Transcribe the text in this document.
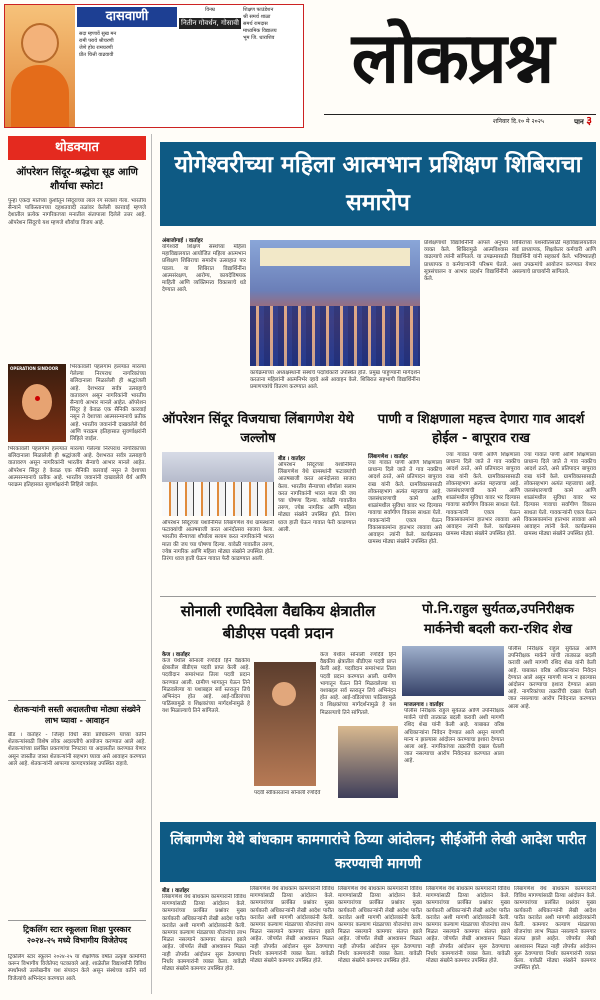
दासवाणी
सदा म्हणावें सुख मन
रामी परावे श्रीचरणी
जेणे होय रामचरणी
प्रीत चित्ती वाढवावी
विनम्र
नितीन गोवर्धन, गोसावी
शिक्षण फाउंडेशन
श्री समर्थ शाळा
समर्थ रामदास
माध्यमिक विद्यालय
भूम जि. धाराशिव	लोकप्रश्न
शनिवार दि.१० मे २०२५	पान ३
थोडक्यात
ऑपरेशन सिंदूर-श्रद्धेचा सूड आणि शौर्याचा स्फोट!
पुन्हा एकदा मातेच्या कुशीतून सिंदूराच्या लाल रंग सजला गेला. भारतीय सैन्याने पाकिस्तानच्या दहशतवादी तळांवर केलेली कारवाई म्हणजे देशातील प्रत्येक नागरिकाच्या मनातील संतापाला दिलेले उत्तर आहे. ऑपरेशन सिंदूरचे यश म्हणजे शौर्याचा विजय आहे.
OPERATION SINDOOR भिरकावली पहलगाम हल्ल्यात मारल्या गेलेल्या निरपराध नागरिकांच्या बलिदानाला मिळालेली ही श्रद्धांजली आहे. देशभरात सर्वत्र उत्साहाचे वातावरण असून नागरिकांनी भारतीय सैन्याचे आभार मानले आहेत. ऑपरेशन सिंदूर हे केवळ एक सैनिकी कारवाई नसून ते देशाच्या आत्मसन्मानाचे प्रतीक आहे. भारतीय जवानांनी दाखवलेले धैर्य आणि पराक्रम इतिहासात सुवर्णाक्षरांनी लिहिले जाईल.
भिरकावली पहलगाम हल्ल्यात मारल्या गेलेल्या निरपराध नागरिकांच्या बलिदानाला मिळालेली ही श्रद्धांजली आहे. देशभरात सर्वत्र उत्साहाचे वातावरण असून नागरिकांनी भारतीय सैन्याचे आभार मानले आहेत. ऑपरेशन सिंदूर हे केवळ एक सैनिकी कारवाई नसून ते देशाच्या आत्मसन्मानाचे प्रतीक आहे. भारतीय जवानांनी दाखवलेले धैर्य आणि पराक्रम इतिहासात सुवर्णाक्षरांनी लिहिले जाईल.
शेतकऱ्यांनी सस्ती अदालतीचा मोठ्या संख्येने लाभ घ्यावा - आवाहन
बीड । वार्ताहर - जिल्हा विधी सेवा प्राधिकरण यांच्या वतीने शेतकऱ्यांसाठी विशेष लोक अदालतीचे आयोजन करण्यात आले आहे. शेतकऱ्यांच्या प्रलंबित प्रकरणांचा निपटारा या अदालतीत करण्यात येणार असून जास्तीत जास्त शेतकऱ्यांनी सहभाग घ्यावा असे आवाहन करण्यात आले आहे. शेतकऱ्यांनी आपल्या कागदपत्रांसह उपस्थित राहावे.
ट्रिकलिंग स्टार स्कूलला शिक्षा पुरस्कार २०२४-२५ मध्ये विभागीय विजेतेपद
ट्रिकलिंग स्टार स्कूलने २०२४-२५ या शैक्षणिक वर्षात उत्कृष्ट कामगिरी करून विभागीय विजेतेपद पटकावले आहे. शाळेतील विद्यार्थ्यांनी विविध स्पर्धांमध्ये उल्लेखनीय यश संपादन केले असून संस्थेच्या वतीने सर्व विजेत्यांचे अभिनंदन करण्यात आले.
योगेश्वरीच्या महिला आत्मभान प्रशिक्षण शिबिराचा समारोप
अंबाजोगाई । वार्ताहर
योगेश्वरी शिक्षण संस्थेच्या महिला महाविद्यालयात आयोजित महिला आत्मभान प्रशिक्षण शिबिराचा समारोप उत्साहात पार पडला. या शिबिरात विद्यार्थिनींना आत्मसंरक्षण, आरोग्य, कायदेविषयक माहिती आणि व्यक्तिमत्त्व विकासाचे धडे देण्यात आले.
कार्यक्रमाच्या अध्यक्षस्थानी संस्थेचे पदाधिकारी उपस्थित होते. प्रमुख पाहुण्यांनी मार्गदर्शन करताना महिलांनी आत्मनिर्भर व्हावे असे आवाहन केले. शिबिरात सहभागी विद्यार्थिनींना प्रमाणपत्रांचे वितरण करण्यात आले.
प्रशिक्षणार्थी विद्यार्थिनींनी आपले अनुभव व्यक्त केले. शिबिरामुळे आत्मविश्वास वाढल्याचे त्यांनी सांगितले. या उपक्रमासाठी प्राध्यापक व कर्मचाऱ्यांनी परिश्रम घेतले. सूत्रसंचालन व आभार प्रदर्शन विद्यार्थिनींनी केले.
शिबिराच्या यशस्वीतेसाठी महाविद्यालयातील सर्व प्राध्यापक, शिक्षकेतर कर्मचारी आणि विद्यार्थिनी यांनी सहकार्य केले. भविष्यातही अशा उपक्रमांचे आयोजन करण्यात येणार असल्याचे प्राचार्यांनी सांगितले.
ऑपरेशन सिंदूर विजयाचा लिंबागणेश येथे जल्लोष
बीड । वार्ताहर
ऑपरेशन सिंदूरच्या यशानिमित्त लिंबागणेश येथे ग्रामस्थांनी फटाक्यांची आतषबाजी करत आनंदोत्सव साजरा केला. भारतीय सैन्याच्या शौर्याला सलाम करत नागरिकांनी भारत माता की जय च्या घोषणा दिल्या. यावेळी गावातील तरुण, ज्येष्ठ नागरिक आणि महिला मोठ्या संख्येने उपस्थित होते. तिरंगा ध्वज हाती घेऊन गावात फेरी काढण्यात आली.
ऑपरेशन सिंदूरच्या यशानिमित्त लिंबागणेश येथे ग्रामस्थांनी फटाक्यांची आतषबाजी करत आनंदोत्सव साजरा केला. भारतीय सैन्याच्या शौर्याला सलाम करत नागरिकांनी भारत माता की जय च्या घोषणा दिल्या. यावेळी गावातील तरुण, ज्येष्ठ नागरिक आणि महिला मोठ्या संख्येने उपस्थित होते. तिरंगा ध्वज हाती घेऊन गावात फेरी काढण्यात आली.
पाणी व शिक्षणाला महत्त्व देणारा गाव आदर्श होईल - बापूराव राख
लिंबागणेश । वार्ताहर
ज्या गावात पाणी आणि शिक्षणाला प्राधान्य दिले जाते ते गाव नक्कीच आदर्श ठरते, असे प्रतिपादन बापूराव राख यांनी केले. ग्रामविकासासाठी लोकसहभाग अत्यंत महत्त्वाचा आहे. जलसंधारणाची कामे आणि शाळांमधील सुविधा यावर भर दिल्यास गावाचा सर्वांगीण विकास साधता येतो. गावकऱ्यांनी एकत्र येऊन विकासकामांना हातभार लावावा असे आवाहन त्यांनी केले. कार्यक्रमास ग्रामस्थ मोठ्या संख्येने उपस्थित होते.
ज्या गावात पाणी आणि शिक्षणाला प्राधान्य दिले जाते ते गाव नक्कीच आदर्श ठरते, असे प्रतिपादन बापूराव राख यांनी केले. ग्रामविकासासाठी लोकसहभाग अत्यंत महत्त्वाचा आहे. जलसंधारणाची कामे आणि शाळांमधील सुविधा यावर भर दिल्यास गावाचा सर्वांगीण विकास साधता येतो. गावकऱ्यांनी एकत्र येऊन विकासकामांना हातभार लावावा असे आवाहन त्यांनी केले. कार्यक्रमास ग्रामस्थ मोठ्या संख्येने उपस्थित होते.
ज्या गावात पाणी आणि शिक्षणाला प्राधान्य दिले जाते ते गाव नक्कीच आदर्श ठरते, असे प्रतिपादन बापूराव राख यांनी केले. ग्रामविकासासाठी लोकसहभाग अत्यंत महत्त्वाचा आहे. जलसंधारणाची कामे आणि शाळांमधील सुविधा यावर भर दिल्यास गावाचा सर्वांगीण विकास साधता येतो. गावकऱ्यांनी एकत्र येऊन विकासकामांना हातभार लावावा असे आवाहन त्यांनी केले. कार्यक्रमास ग्रामस्थ मोठ्या संख्येने उपस्थित होते.
सोनाली रणदिवेला वैद्यकिय क्षेत्रातील बीडीएस पदवी प्रदान
केज । वार्ताहर
केज येथील सोनाली रणदिवे हिने वैद्यकीय क्षेत्रातील बीडीएस पदवी प्राप्त केली आहे. पदवीदान समारंभात तिला पदवी प्रदान करण्यात आली. ग्रामीण भागातून येऊन तिने मिळवलेल्या या यशाबद्दल सर्व स्तरातून तिचे अभिनंदन होत आहे. आई-वडिलांच्या पाठिंब्यामुळे व शिक्षकांच्या मार्गदर्शनामुळे हे यश मिळाल्याचे तिने सांगितले.
केज येथील सोनाली रणदिवे हिने वैद्यकीय क्षेत्रातील बीडीएस पदवी प्राप्त केली आहे. पदवीदान समारंभात तिला पदवी प्रदान करण्यात आली. ग्रामीण भागातून येऊन तिने मिळवलेल्या या यशाबद्दल सर्व स्तरातून तिचे अभिनंदन होत आहे. आई-वडिलांच्या पाठिंब्यामुळे व शिक्षकांच्या मार्गदर्शनामुळे हे यश मिळाल्याचे तिने सांगितले.
पदवी स्वीकारताना सोनाली रणदिवे
पो.नि.राहुल सुर्यतळ,उपनिरीक्षक मार्कनेची बदली करा-रशिद शेख
माजलगाव । वार्ताहर
पोलीस निरीक्षक राहुल सुर्यतळ आणि उपनिरीक्षक मार्कने यांची तात्काळ बदली करावी अशी मागणी रशिद शेख यांनी केली आहे. याबाबत वरिष्ठ अधिकाऱ्यांना निवेदन देण्यात आले असून मागणी मान्य न झाल्यास आंदोलन करण्याचा इशारा देण्यात आला आहे. नागरिकांच्या तक्रारींची दखल घेतली जात नसल्याचा आरोप निवेदनात करण्यात आला आहे.
पोलीस निरीक्षक राहुल सुर्यतळ आणि उपनिरीक्षक मार्कने यांची तात्काळ बदली करावी अशी मागणी रशिद शेख यांनी केली आहे. याबाबत वरिष्ठ अधिकाऱ्यांना निवेदन देण्यात आले असून मागणी मान्य न झाल्यास आंदोलन करण्याचा इशारा देण्यात आला आहे. नागरिकांच्या तक्रारींची दखल घेतली जात नसल्याचा आरोप निवेदनात करण्यात आला आहे.
लिंबागणेश येथे बांधकाम कामगारांचे ठिय्या आंदोलन; सीईओंनी लेखी आदेश पारीत करण्याची मागणी
बीड । वार्ताहर
लिंबागणेश येथे बांधकाम कामगारांनी विविध मागण्यांसाठी ठिय्या आंदोलन केले. कामगारांच्या प्रलंबित प्रश्नांवर मुख्य कार्यकारी अधिकाऱ्यांनी लेखी आदेश पारीत करावेत अशी मागणी आंदोलकांनी केली. कामगार कल्याण मंडळाच्या योजनांचा लाभ मिळत नसल्याने कामगार संतप्त झाले आहेत. जोपर्यंत लेखी आश्वासन मिळत नाही तोपर्यंत आंदोलन सुरू ठेवण्याचा निर्धार कामगारांनी व्यक्त केला. यावेळी मोठ्या संख्येने कामगार उपस्थित होते.
लिंबागणेश येथे बांधकाम कामगारांनी विविध मागण्यांसाठी ठिय्या आंदोलन केले. कामगारांच्या प्रलंबित प्रश्नांवर मुख्य कार्यकारी अधिकाऱ्यांनी लेखी आदेश पारीत करावेत अशी मागणी आंदोलकांनी केली. कामगार कल्याण मंडळाच्या योजनांचा लाभ मिळत नसल्याने कामगार संतप्त झाले आहेत. जोपर्यंत लेखी आश्वासन मिळत नाही तोपर्यंत आंदोलन सुरू ठेवण्याचा निर्धार कामगारांनी व्यक्त केला. यावेळी मोठ्या संख्येने कामगार उपस्थित होते.
लिंबागणेश येथे बांधकाम कामगारांनी विविध मागण्यांसाठी ठिय्या आंदोलन केले. कामगारांच्या प्रलंबित प्रश्नांवर मुख्य कार्यकारी अधिकाऱ्यांनी लेखी आदेश पारीत करावेत अशी मागणी आंदोलकांनी केली. कामगार कल्याण मंडळाच्या योजनांचा लाभ मिळत नसल्याने कामगार संतप्त झाले आहेत. जोपर्यंत लेखी आश्वासन मिळत नाही तोपर्यंत आंदोलन सुरू ठेवण्याचा निर्धार कामगारांनी व्यक्त केला. यावेळी मोठ्या संख्येने कामगार उपस्थित होते.
लिंबागणेश येथे बांधकाम कामगारांनी विविध मागण्यांसाठी ठिय्या आंदोलन केले. कामगारांच्या प्रलंबित प्रश्नांवर मुख्य कार्यकारी अधिकाऱ्यांनी लेखी आदेश पारीत करावेत अशी मागणी आंदोलकांनी केली. कामगार कल्याण मंडळाच्या योजनांचा लाभ मिळत नसल्याने कामगार संतप्त झाले आहेत. जोपर्यंत लेखी आश्वासन मिळत नाही तोपर्यंत आंदोलन सुरू ठेवण्याचा निर्धार कामगारांनी व्यक्त केला. यावेळी मोठ्या संख्येने कामगार उपस्थित होते.
लिंबागणेश येथे बांधकाम कामगारांनी विविध मागण्यांसाठी ठिय्या आंदोलन केले. कामगारांच्या प्रलंबित प्रश्नांवर मुख्य कार्यकारी अधिकाऱ्यांनी लेखी आदेश पारीत करावेत अशी मागणी आंदोलकांनी केली. कामगार कल्याण मंडळाच्या योजनांचा लाभ मिळत नसल्याने कामगार संतप्त झाले आहेत. जोपर्यंत लेखी आश्वासन मिळत नाही तोपर्यंत आंदोलन सुरू ठेवण्याचा निर्धार कामगारांनी व्यक्त केला. यावेळी मोठ्या संख्येने कामगार उपस्थित होते.
